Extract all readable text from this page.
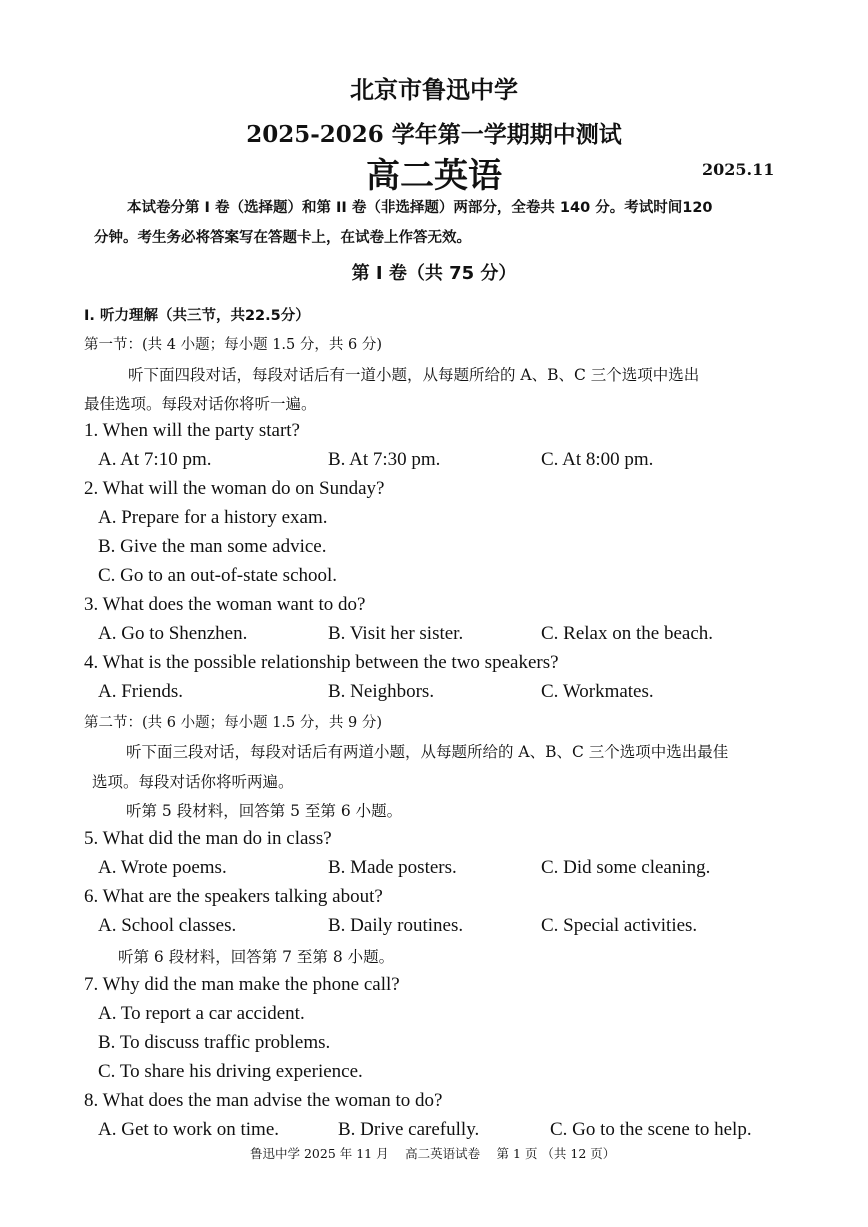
北京市鲁迅中学
2025-2026 学年第一学期期中测试
高二英语	2025.11
本试卷分第 I 卷（选择题）和第 II 卷（非选择题）两部分，全卷共 140 分。考试时间120
分钟。考生务必将答案写在答题卡上，在试卷上作答无效。
第 I 卷（共 75 分）
I. 听力理解（共三节，共22.5分）
第一节：(共 4 小题；每小题 1.5 分，共 6 分)
听下面四段对话，每段对话后有一道小题，从每题所给的 A、B、C 三个选项中选出
最佳选项。每段对话你将听一遍。
1. When will the party start?
A. At 7:10 pm.	B. At 7:30 pm.	C. At 8:00 pm.
2. What will the woman do on Sunday?
A. Prepare for a history exam.
B. Give the man some advice.
C. Go to an out-of-state school.
3. What does the woman want to do?
A. Go to Shenzhen.	B. Visit her sister.	C. Relax on the beach.
4. What is the possible relationship between the two speakers?
A. Friends.	B. Neighbors.	C. Workmates.
第二节：(共 6 小题；每小题 1.5 分，共 9 分)
听下面三段对话，每段对话后有两道小题，从每题所给的 A、B、C 三个选项中选出最佳
选项。每段对话你将听两遍。
听第 5 段材料，回答第 5 至第 6 小题。
5. What did the man do in class?
A. Wrote poems.	B. Made posters.	C. Did some cleaning.
6. What are the speakers talking about?
A. School classes.	B. Daily routines.	C. Special activities.
听第 6 段材料，回答第 7 至第 8 小题。
7. Why did the man make the phone call?
A. To report a car accident.
B. To discuss traffic problems.
C. To share his driving experience.
8. What does the man advise the woman to do?
A. Get to work on time.	B. Drive carefully.	C. Go to the scene to help.
鲁迅中学 2025 年 11 月　 高二英语试卷　 第 1 页 （共 12 页）
